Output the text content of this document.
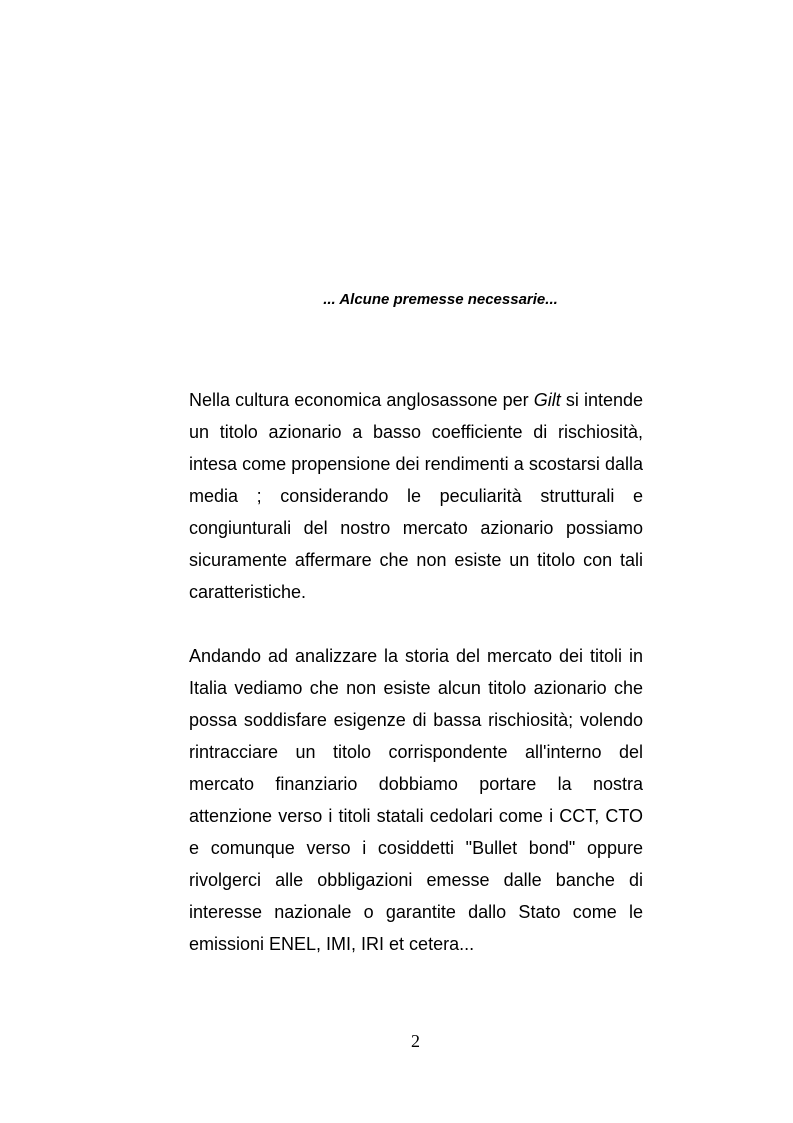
... Alcune premesse necessarie...

Nella cultura economica anglosassone per Gilt si intende un titolo azionario a basso coefficiente di rischiosità, intesa come propensione dei rendimenti a scostarsi dalla media ; considerando le peculiarità strutturali e congiunturali del nostro mercato azionario possiamo sicuramente affermare che non esiste un titolo con tali caratteristiche.

Andando ad analizzare la storia del mercato dei titoli in Italia vediamo che non esiste alcun titolo azionario che possa soddisfare esigenze di bassa rischiosità; volendo rintracciare un titolo corrispondente all'interno del mercato finanziario dobbiamo portare la nostra attenzione verso i titoli statali cedolari come i CCT, CTO e comunque verso i cosiddetti "Bullet bond" oppure rivolgerci alle obbligazioni emesse dalle banche di interesse nazionale o garantite dallo Stato come le emissioni ENEL, IMI, IRI et cetera...

2
